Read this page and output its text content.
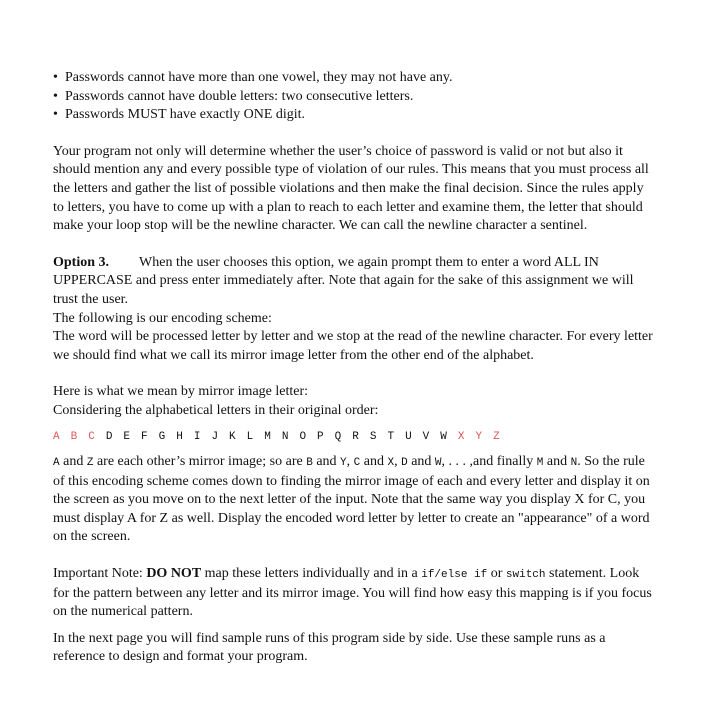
• Passwords cannot have more than one vowel, they may not have any.
• Passwords cannot have double letters: two consecutive letters.
• Passwords MUST have exactly ONE digit.

Your program not only will determine whether the user’s choice of password is valid or not but also it should mention any and every possible type of violation of our rules. This means that you must process all the letters and gather the list of possible violations and then make the final decision. Since the rules apply to letters, you have to come up with a plan to reach to each letter and examine them, the letter that should make your loop stop will be the newline character. We can call the newline character a sentinel.

Option 3. When the user chooses this option, we again prompt them to enter a word ALL IN UPPERCASE and press enter immediately after. Note that again for the sake of this assignment we will trust the user.

The following is our encoding scheme:

The word will be processed letter by letter and we stop at the read of the newline character. For every letter we should find what we call its mirror image letter from the other end of the alphabet.

Here is what we mean by mirror image letter:

Considering the alphabetical letters in their original order:

A B C D E F G H I J K L M N O P Q R S T U V W X Y Z

A and Z are each other’s mirror image; so are B and Y, C and X, D and W, . . . ,and finally M and N. So the rule of this encoding scheme comes down to finding the mirror image of each and every letter and display it on the screen as you move on to the next letter of the input. Note that the same way you display X for C, you must display A for Z as well. Display the encoded word letter by letter to create an "appearance" of a word on the screen.

Important Note: DO NOT map these letters individually and in a if/else if or switch statement. Look for the pattern between any letter and its mirror image. You will find how easy this mapping is if you focus on the numerical pattern.

In the next page you will find sample runs of this program side by side. Use these sample runs as a reference to design and format your program.
